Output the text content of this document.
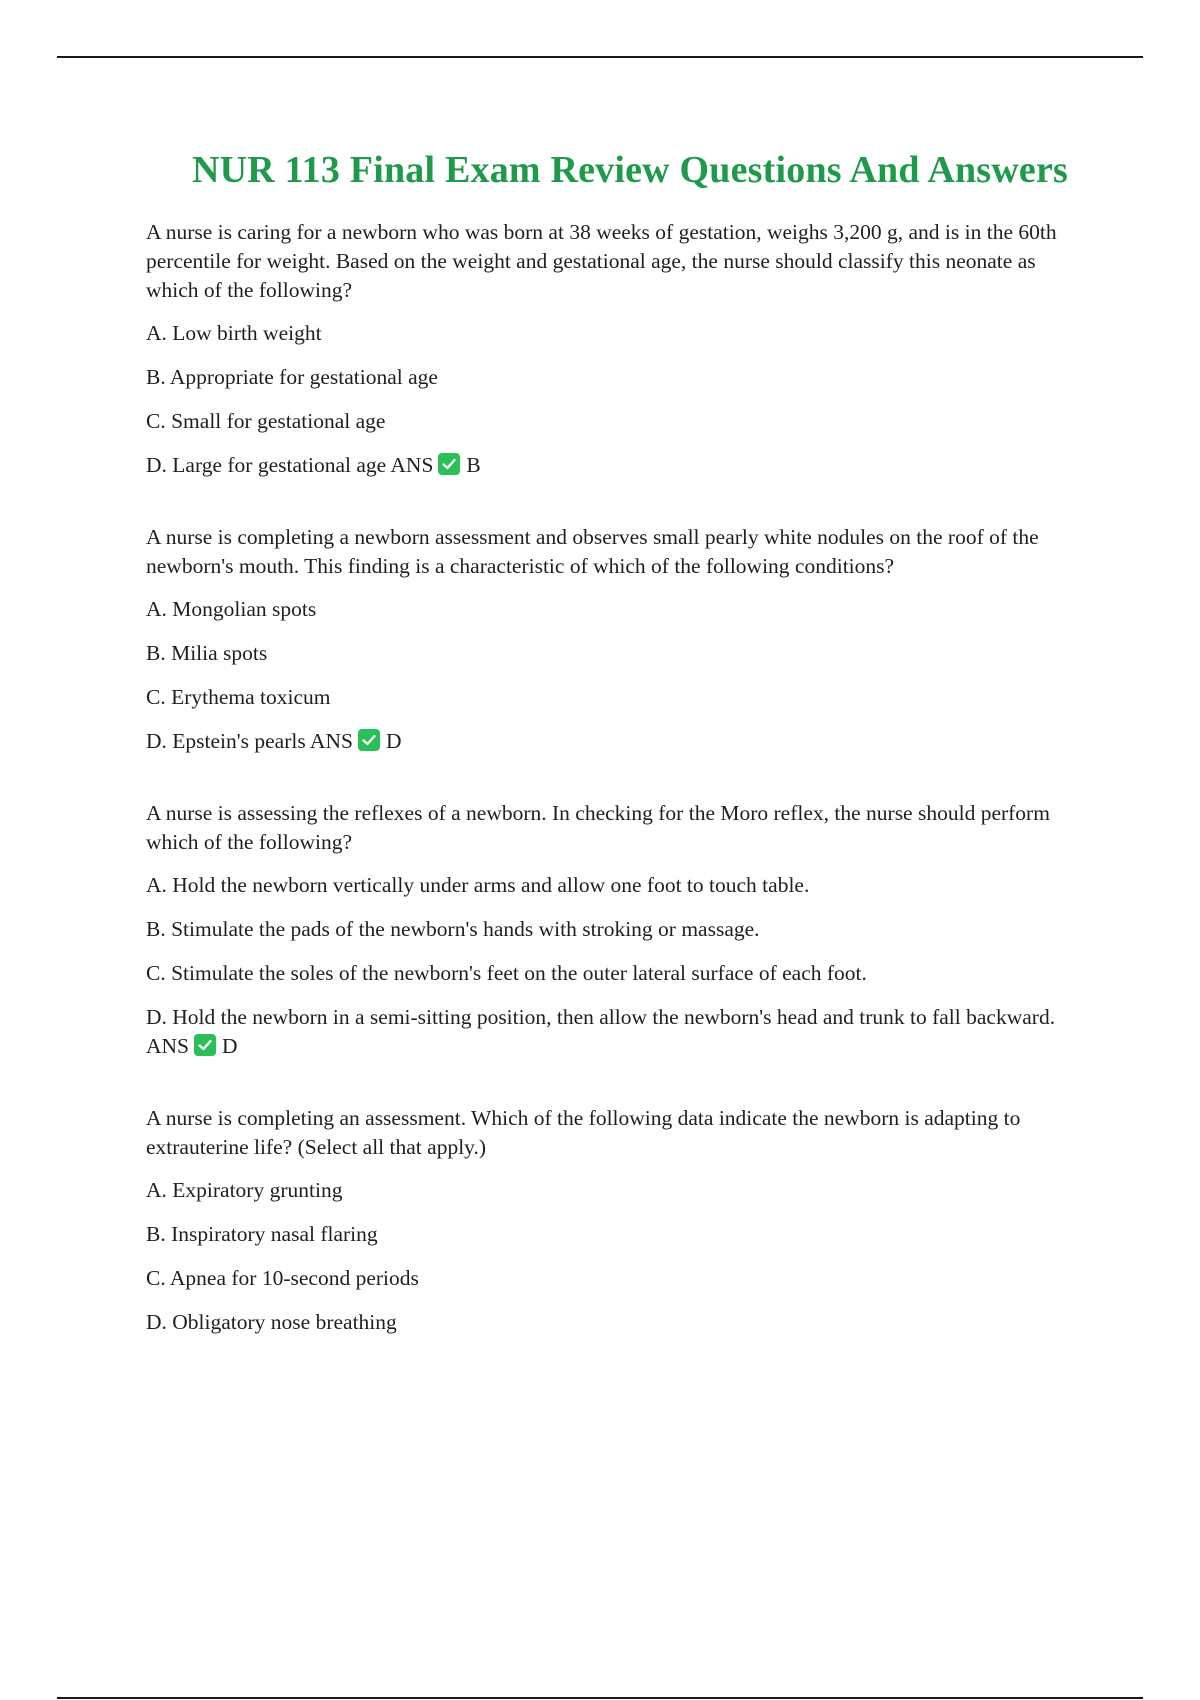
NUR 113 Final Exam Review Questions And Answers

A nurse is caring for a newborn who was born at 38 weeks of gestation, weighs 3,200 g, and is in the 60th percentile for weight. Based on the weight and gestational age, the nurse should classify this neonate as which of the following?

A. Low birth weight

B. Appropriate for gestational age

C. Small for gestational age

D. Large for gestational age ANS B

A nurse is completing a newborn assessment and observes small pearly white nodules on the roof of the newborn's mouth. This finding is a characteristic of which of the following conditions?

A. Mongolian spots

B. Milia spots

C. Erythema toxicum

D. Epstein's pearls ANS D

A nurse is assessing the reflexes of a newborn. In checking for the Moro reflex, the nurse should perform which of the following?

A. Hold the newborn vertically under arms and allow one foot to touch table.

B. Stimulate the pads of the newborn's hands with stroking or massage.

C. Stimulate the soles of the newborn's feet on the outer lateral surface of each foot.

D. Hold the newborn in a semi-sitting position, then allow the newborn's head and trunk to fall backward. ANS D

A nurse is completing an assessment. Which of the following data indicate the newborn is adapting to extrauterine life? (Select all that apply.)

A. Expiratory grunting

B. Inspiratory nasal flaring

C. Apnea for 10-second periods

D. Obligatory nose breathing
